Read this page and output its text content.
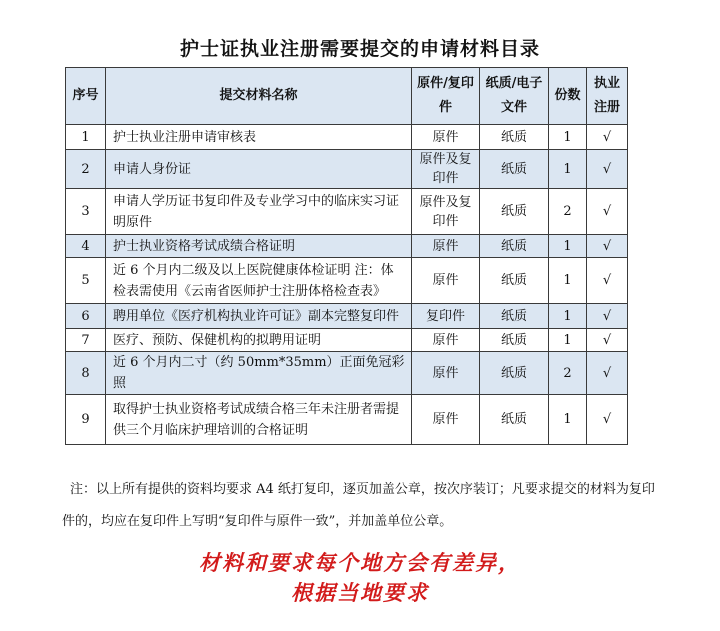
护士证执业注册需要提交的申请材料目录
序号	提交材料名称	原件/复印件	纸质/电子文件	份数	执业注册
1	护士执业注册申请审核表	原件	纸质	1	√
2	申请人身份证	原件及复印件	纸质	1	√
3	申请人学历证书复印件及专业学习中的临床实习证明原件	原件及复印件	纸质	2	√
4	护士执业资格考试成绩合格证明	原件	纸质	1	√
5	近 6 个月内二级及以上医院健康体检证明 注：体检表需使用《云南省医师护士注册体格检查表》	原件	纸质	1	√
6	聘用单位《医疗机构执业许可证》副本完整复印件	复印件	纸质	1	√
7	医疗、预防、保健机构的拟聘用证明	原件	纸质	1	√
8	近 6 个月内二寸（约 50mm*35mm）正面免冠彩照	原件	纸质	2	√
9	取得护士执业资格考试成绩合格三年未注册者需提供三个月临床护理培训的合格证明	原件	纸质	1	√
注：以上所有提供的资料均要求 A4 纸打复印，逐页加盖公章，按次序装订；凡要求提交的材料为复印件的，均应在复印件上写明“复印件与原件一致”，并加盖单位公章。
材料和要求每个地方会有差异，
根据当地要求
